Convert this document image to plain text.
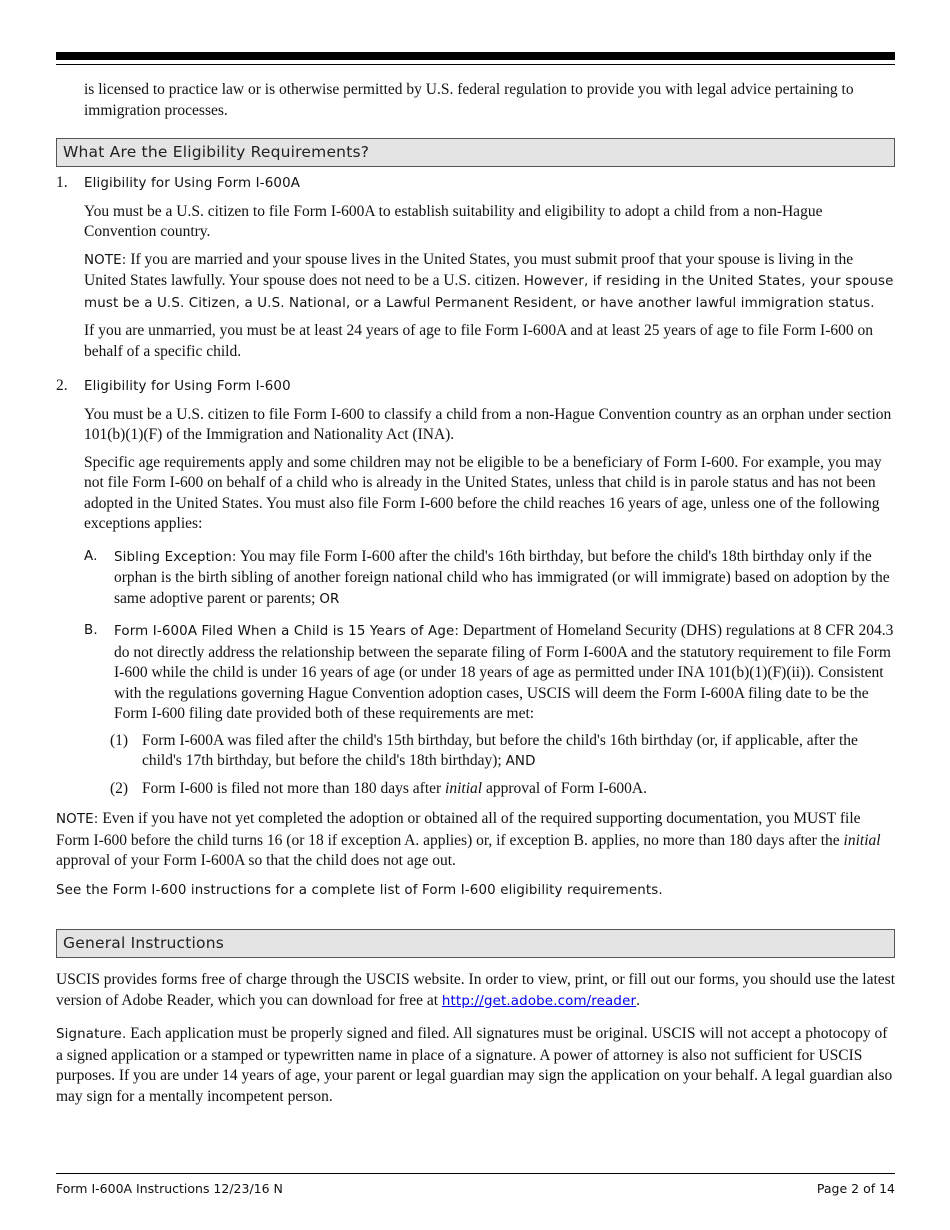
is licensed to practice law or is otherwise permitted by U.S. federal regulation to provide you with legal advice pertaining to immigration processes.

What Are the Eligibility Requirements?
1. Eligibility for Using Form I-600A

You must be a U.S. citizen to file Form I-600A to establish suitability and eligibility to adopt a child from a non-Hague Convention country.

NOTE: If you are married and your spouse lives in the United States, you must submit proof that your spouse is living in the United States lawfully. Your spouse does not need to be a U.S. citizen. However, if residing in the United States, your spouse must be a U.S. Citizen, a U.S. National, or a Lawful Permanent Resident, or have another lawful immigration status.

If you are unmarried, you must be at least 24 years of age to file Form I-600A and at least 25 years of age to file Form I-600 on behalf of a specific child.

2. Eligibility for Using Form I-600

You must be a U.S. citizen to file Form I-600 to classify a child from a non-Hague Convention country as an orphan under section 101(b)(1)(F) of the Immigration and Nationality Act (INA).

Specific age requirements apply and some children may not be eligible to be a beneficiary of Form I-600. For example, you may not file Form I-600 on behalf of a child who is already in the United States, unless that child is in parole status and has not been adopted in the United States. You must also file Form I-600 before the child reaches 16 years of age, unless one of the following exceptions applies:

A. Sibling Exception: You may file Form I-600 after the child's 16th birthday, but before the child's 18th birthday only if the orphan is the birth sibling of another foreign national child who has immigrated (or will immigrate) based on adoption by the same adoptive parent or parents; OR
B. Form I-600A Filed When a Child is 15 Years of Age: Department of Homeland Security (DHS) regulations at 8 CFR 204.3 do not directly address the relationship between the separate filing of Form I-600A and the statutory requirement to file Form I-600 while the child is under 16 years of age (or under 18 years of age as permitted under INA 101(b)(1)(F)(ii)). Consistent with the regulations governing Hague Convention adoption cases, USCIS will deem the Form I-600A filing date to be the Form I-600 filing date provided both of these requirements are met:
(1) Form I-600A was filed after the child's 15th birthday, but before the child's 16th birthday (or, if applicable, after the child's 17th birthday, but before the child's 18th birthday); AND
(2) Form I-600 is filed not more than 180 days after initial approval of Form I-600A.

NOTE: Even if you have not yet completed the adoption or obtained all of the required supporting documentation, you MUST file Form I-600 before the child turns 16 (or 18 if exception A. applies) or, if exception B. applies, no more than 180 days after the initial approval of your Form I-600A so that the child does not age out.

See the Form I-600 instructions for a complete list of Form I-600 eligibility requirements.

General Instructions

USCIS provides forms free of charge through the USCIS website. In order to view, print, or fill out our forms, you should use the latest version of Adobe Reader, which you can download for free at http://get.adobe.com/reader.

Signature. Each application must be properly signed and filed. All signatures must be original. USCIS will not accept a photocopy of a signed application or a stamped or typewritten name in place of a signature. A power of attorney is also not sufficient for USCIS purposes. If you are under 14 years of age, your parent or legal guardian may sign the application on your behalf. A legal guardian also may sign for a mentally incompetent person.

Form I-600A Instructions 12/23/16 N	Page 2 of 14
